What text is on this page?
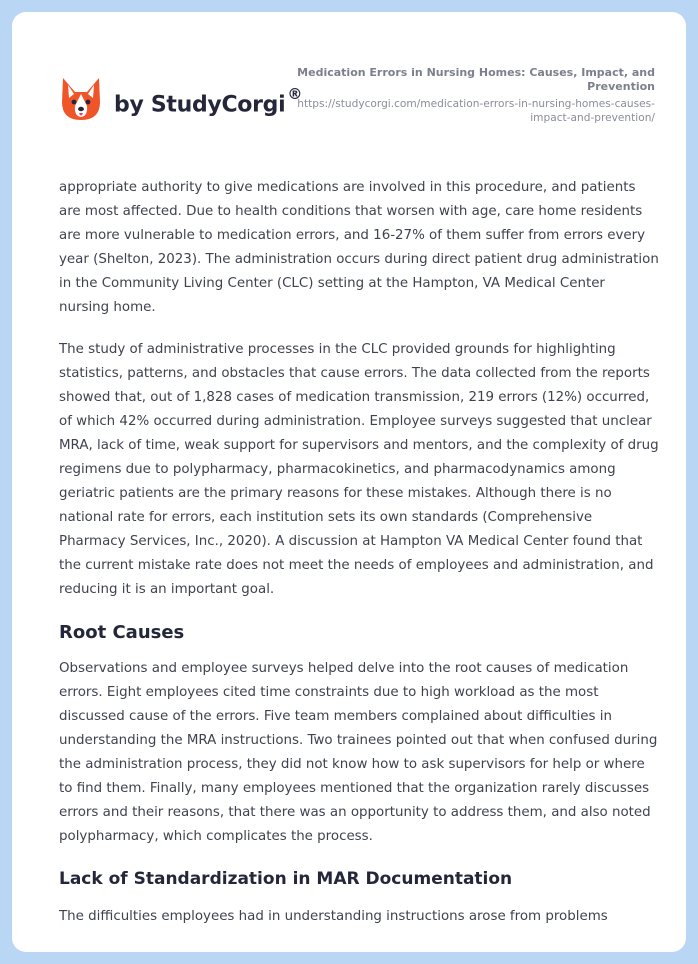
by StudyCorgi ®
Medication Errors in Nursing Homes: Causes, Impact, and Prevention
https://studycorgi.com/medication-errors-in-nursing-homes-causes-impact-and-prevention/

appropriate authority to give medications are involved in this procedure, and patients are most affected. Due to health conditions that worsen with age, care home residents are more vulnerable to medication errors, and 16-27% of them suffer from errors every year (Shelton, 2023). The administration occurs during direct patient drug administration in the Community Living Center (CLC) setting at the Hampton, VA Medical Center nursing home.

The study of administrative processes in the CLC provided grounds for highlighting statistics, patterns, and obstacles that cause errors. The data collected from the reports showed that, out of 1,828 cases of medication transmission, 219 errors (12%) occurred, of which 42% occurred during administration. Employee surveys suggested that unclear MRA, lack of time, weak support for supervisors and mentors, and the complexity of drug regimens due to polypharmacy, pharmacokinetics, and pharmacodynamics among geriatric patients are the primary reasons for these mistakes. Although there is no national rate for errors, each institution sets its own standards (Comprehensive Pharmacy Services, Inc., 2020). A discussion at Hampton VA Medical Center found that the current mistake rate does not meet the needs of employees and administration, and reducing it is an important goal.

Root Causes

Observations and employee surveys helped delve into the root causes of medication errors. Eight employees cited time constraints due to high workload as the most discussed cause of the errors. Five team members complained about difficulties in understanding the MRA instructions. Two trainees pointed out that when confused during the administration process, they did not know how to ask supervisors for help or where to find them. Finally, many employees mentioned that the organization rarely discusses errors and their reasons, that there was an opportunity to address them, and also noted polypharmacy, which complicates the process.

Lack of Standardization in MAR Documentation

The difficulties employees had in understanding instructions arose from problems
